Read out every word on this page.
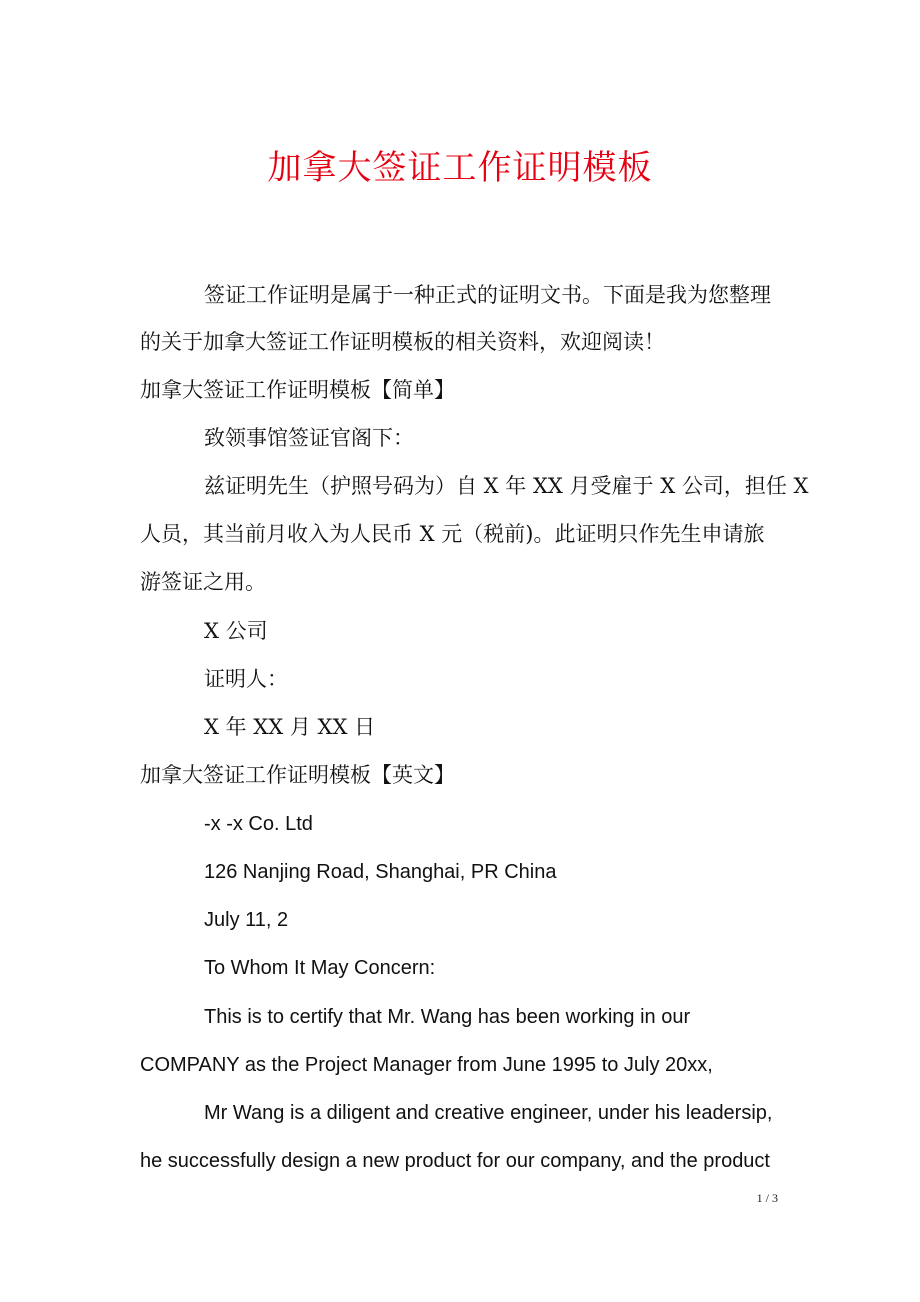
加拿大签证工作证明模板
签证工作证明是属于一种正式的证明文书。下面是我为您整理
的关于加拿大签证工作证明模板的相关资料，欢迎阅读！
加拿大签证工作证明模板【简单】
致领事馆签证官阁下：
兹证明先生（护照号码为）自 X 年 XX 月受雇于 X 公司，担任 X
人员，其当前月收入为人民币 X 元（税前)。此证明只作先生申请旅
游签证之用。
X 公司
证明人：
X 年 XX 月 XX 日
加拿大签证工作证明模板【英文】
-x -x Co. Ltd
126 Nanjing Road, Shanghai, PR China
July 11, 2
To Whom It May Concern:
This is to certify that Mr. Wang has been working in our
COMPANY as the Project Manager from June 1995 to July 20xx,
Mr Wang is a diligent and creative engineer, under his leadersip,
he successfully design a new product for our company, and the product
1 / 3
